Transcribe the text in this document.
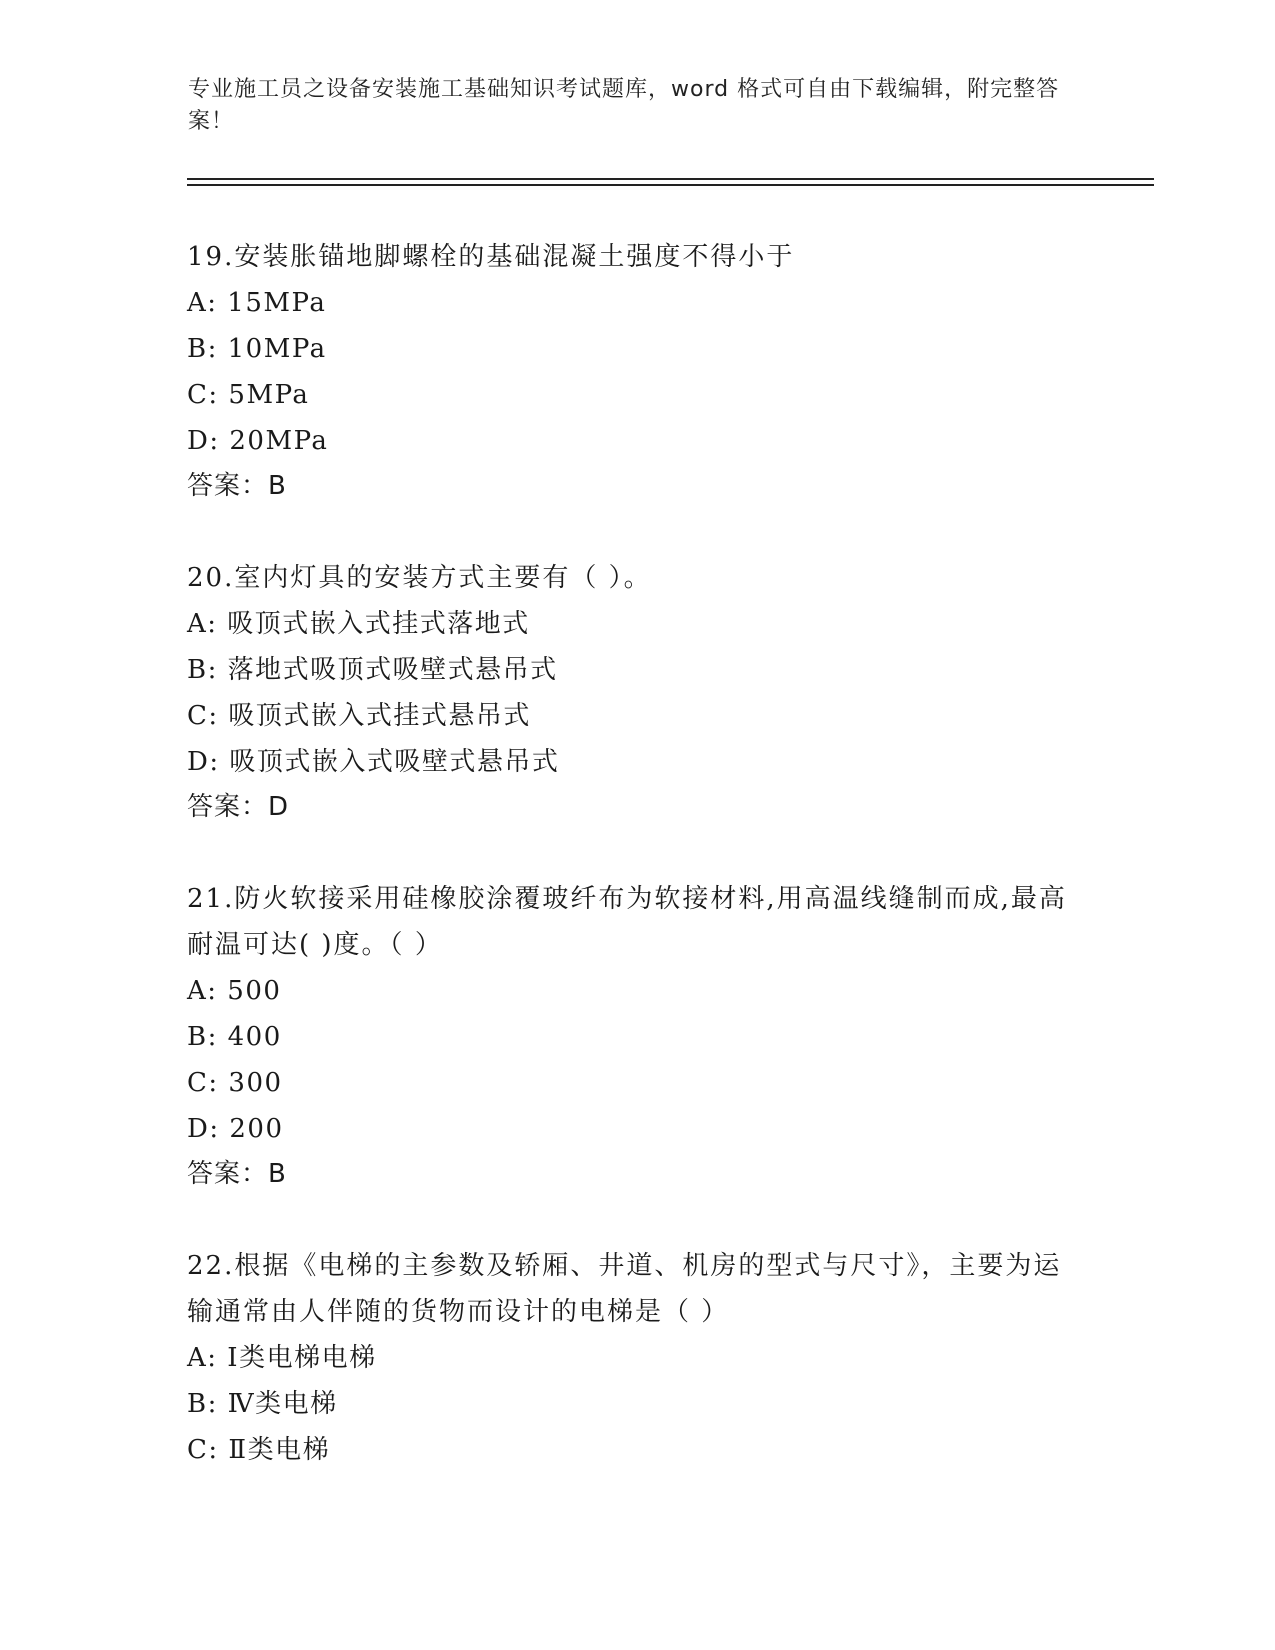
专业施工员之设备安装施工基础知识考试题库，word 格式可自由下载编辑，附完整答案！
19.安装胀锚地脚螺栓的基础混凝土强度不得小于
A: 15MPa
B: 10MPa
C: 5MPa
D: 20MPa
答案：B
20.室内灯具的安装方式主要有（ ）。
A: 吸顶式嵌入式挂式落地式
B: 落地式吸顶式吸壁式悬吊式
C: 吸顶式嵌入式挂式悬吊式
D: 吸顶式嵌入式吸壁式悬吊式
答案：D
21.防火软接采用硅橡胶涂覆玻纤布为软接材料,用高温线缝制而成,最高耐温可达( )度。（ ）
A: 500
B: 400
C: 300
D: 200
答案：B
22.根据《电梯的主参数及轿厢、井道、机房的型式与尺寸》，主要为运输通常由人伴随的货物而设计的电梯是（ ）
A: Ⅰ类电梯电梯
B: Ⅳ类电梯
C: Ⅱ类电梯
